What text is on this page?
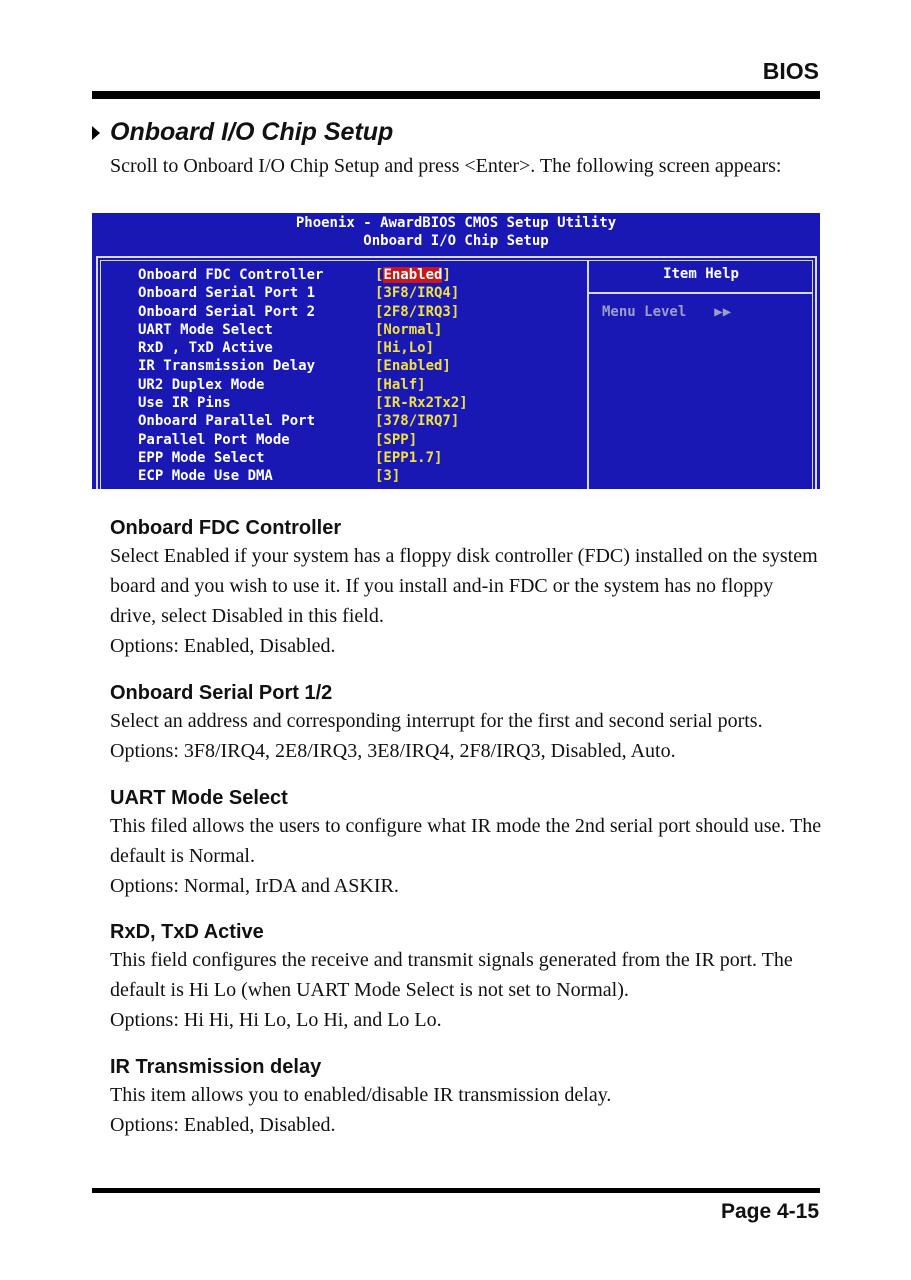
BIOS
Onboard I/O Chip Setup
Scroll to Onboard I/O Chip Setup and press <Enter>. The following screen appears:
Phoenix - AwardBIOS CMOS Setup Utility
Onboard I/O Chip Setup
Item Help
Menu Level ▶▶
Onboard FDC Controller	[Enabled]
Onboard Serial Port 1	[3F8/IRQ4]
Onboard Serial Port 2	[2F8/IRQ3]
UART Mode Select	[Normal]
RxD , TxD Active	[Hi,Lo]
IR Transmission Delay	[Enabled]
UR2 Duplex Mode	[Half]
Use IR Pins	[IR-Rx2Tx2]
Onboard Parallel Port	[378/IRQ7]
Parallel Port Mode	[SPP]
EPP Mode Select	[EPP1.7]
ECP Mode Use DMA	[3]
Onboard FDC Controller

Select Enabled if your system has a floppy disk controller (FDC) installed on the system board and you wish to use it. If you install and-in FDC or the system has no floppy drive, select Disabled in this field.

Options: Enabled, Disabled.

Onboard Serial Port 1/2

Select an address and corresponding interrupt for the first and second serial ports. Options: 3F8/IRQ4, 2E8/IRQ3, 3E8/IRQ4, 2F8/IRQ3, Disabled, Auto.

UART Mode Select

This filed allows the users to configure what IR mode the 2nd serial port should use. The default is Normal.

Options: Normal, IrDA and ASKIR.

RxD, TxD Active

This field configures the receive and transmit signals generated from the IR port. The default is Hi Lo (when UART Mode Select is not set to Normal).

Options: Hi Hi, Hi Lo, Lo Hi, and Lo Lo.

IR Transmission delay

This item allows you to enabled/disable IR transmission delay.

Options: Enabled, Disabled.

Page 4-15
